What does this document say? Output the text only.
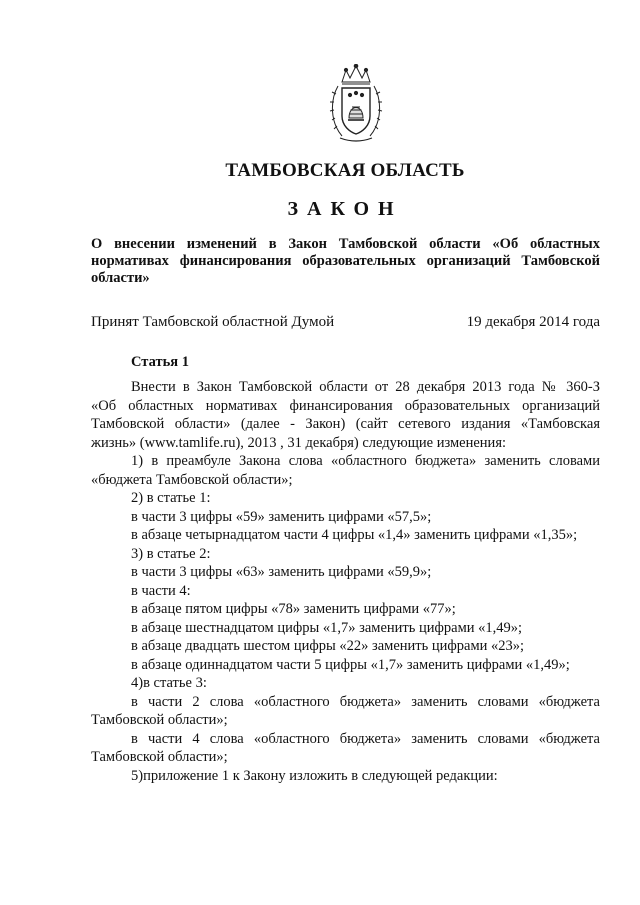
ТАМБОВСКАЯ ОБЛАСТЬ
ЗАКОН
О внесении изменений в Закон Тамбовской области «Об областных нормативах финансирования образовательных организаций Тамбовской области»
Принят Тамбовской областной Думой	19 декабря 2014 года
Статья 1
Внести в Закон Тамбовской области от 28 декабря 2013 года № 360-З
«Об областных нормативах финансирования образовательных организаций
Тамбовской области» (далее - Закон) (сайт сетевого издания «Тамбовская
жизнь» (www.tamlife.ru), 2013 , 31 декабря) следующие изменения:
1) в преамбуле Закона слова «областного бюджета» заменить словами
«бюджета Тамбовской области»;
2) в статье 1:
в части 3 цифры «59» заменить цифрами «57,5»;
в абзаце четырнадцатом части 4 цифры «1,4» заменить цифрами «1,35»;
3) в статье 2:
в части 3 цифры «63» заменить цифрами «59,9»;
в части 4:
в абзаце пятом цифры «78» заменить цифрами «77»;
в абзаце шестнадцатом цифры «1,7» заменить цифрами «1,49»;
в абзаце двадцать шестом цифры «22» заменить цифрами «23»;
в абзаце одиннадцатом части 5 цифры «1,7» заменить цифрами «1,49»;
4)в статье 3:
в части 2 слова «областного бюджета» заменить словами «бюджета
Тамбовской области»;
в части 4 слова «областного бюджета» заменить словами «бюджета
Тамбовской области»;
5)приложение 1 к Закону изложить в следующей редакции:
